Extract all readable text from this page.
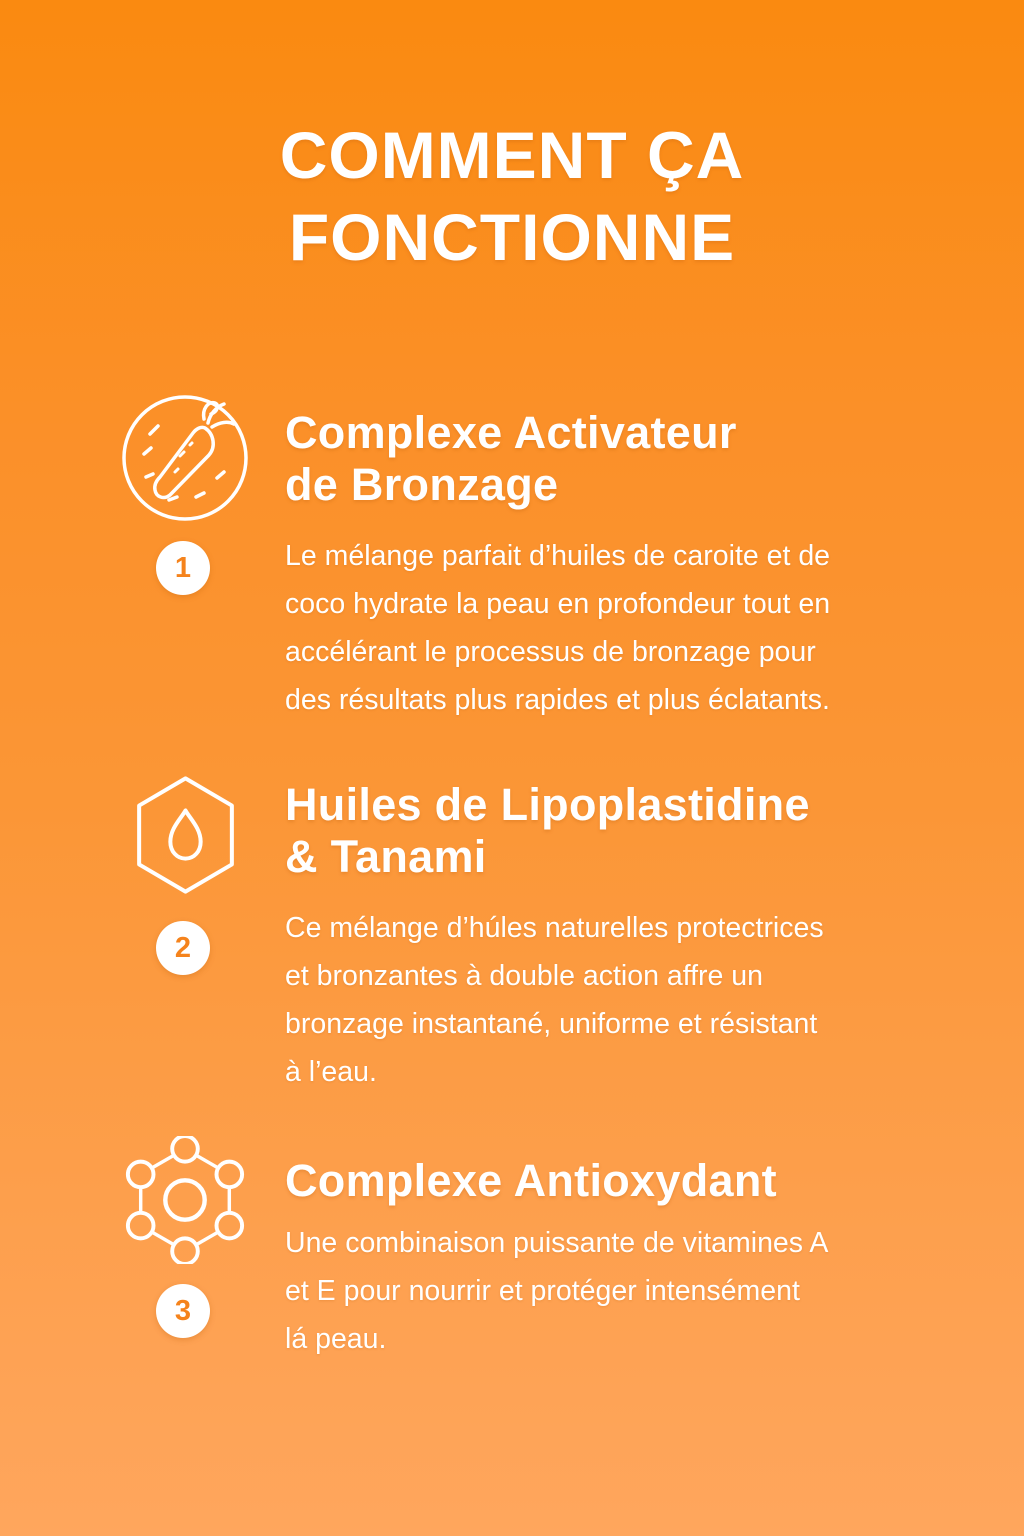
COMMENT ÇA
FONCTIONNE
1
Complexe Activateur
de Bronzage
Le mélange parfait d’huiles de caroite et de
coco hydrate la peau en profondeur tout en
accélérant le processus de bronzage pour
des résultats plus rapides et plus éclatants.
2
Huiles de Lipoplastidine
& Tanami
Ce mélange d’húles naturelles protectrices
et bronzantes à double action affre un
bronzage instantané, uniforme et résistant
à l’eau.
3
Complexe Antioxydant
Une combinaison puissante de vitamines A
et E pour nourrir et protéger intensément
lá peau.
